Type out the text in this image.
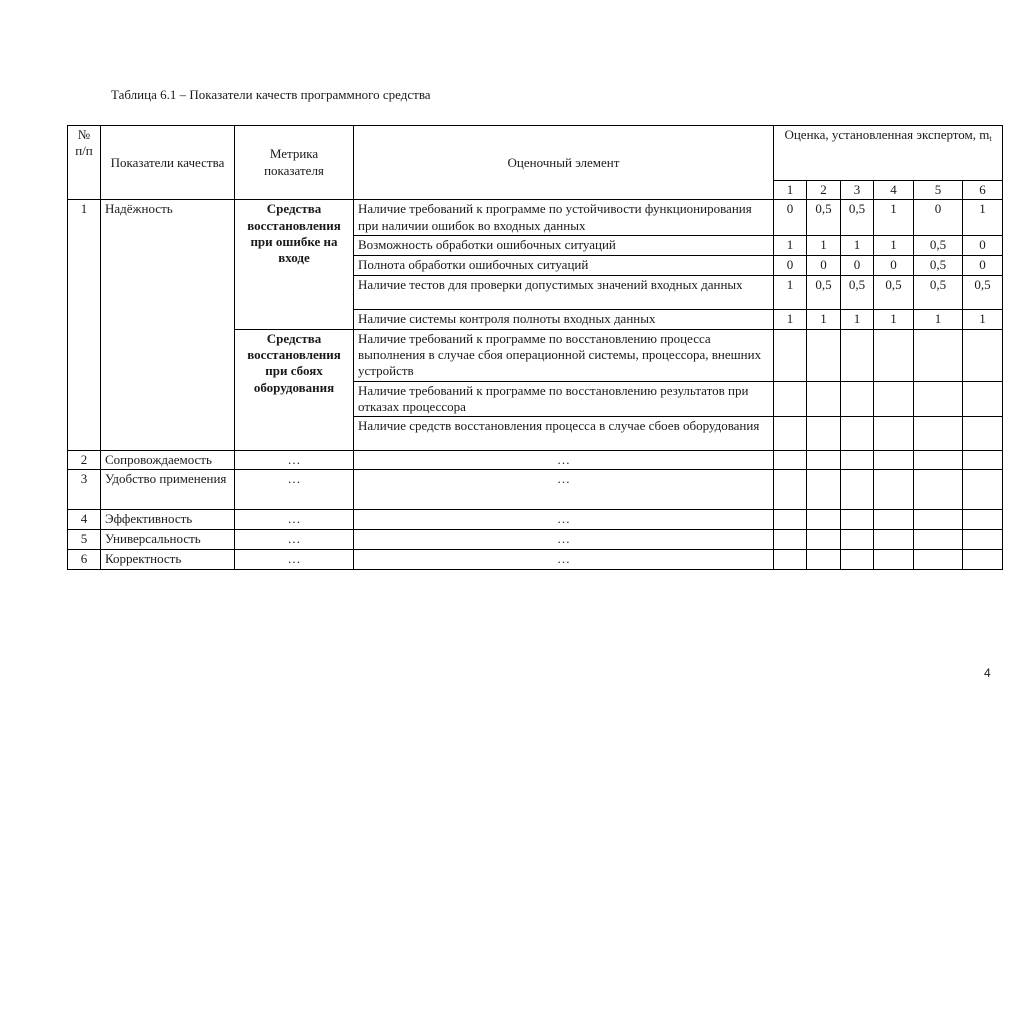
Таблица 6.1 – Показатели качеств программного средства
№ п/п	Показатели качества	Метрика показателя	Оценочный элемент	Оценка, установленная экспертом, $m_t$
				1	2	3	4	5	6
1	Надёжность	Средства восстановления при ошибке на входе	Наличие требований к программе по устойчивости функционирования при наличии ошибок во входных данных	0	0,5	0,5	1	0	1
			Возможность обработки ошибочных ситуаций	1	1	1	1	0,5	0
			Полнота обработки ошибочных ситуаций	0	0	0	0	0,5	0
			Наличие тестов для проверки допустимых значений входных данных	1	0,5	0,5	0,5	0,5	0,5
			Наличие системы контроля полноты входных данных	1	1	1	1	1	1
		Средства восстановления при сбоях оборудования	Наличие требований к программе по восстановлению процесса выполнения в случае сбоя операционной системы, процессора, внешних устройств						
			Наличие требований к программе по восстановлению результатов при отказах процессора						
			Наличие средств восстановления процесса в случае сбоев оборудования						
2	Сопровождаемость	…	…						
3	Удобство применения	…	…						
4	Эффективность	…	…						
5	Универсальность	…	…						
6	Корректность	…	…						
4
